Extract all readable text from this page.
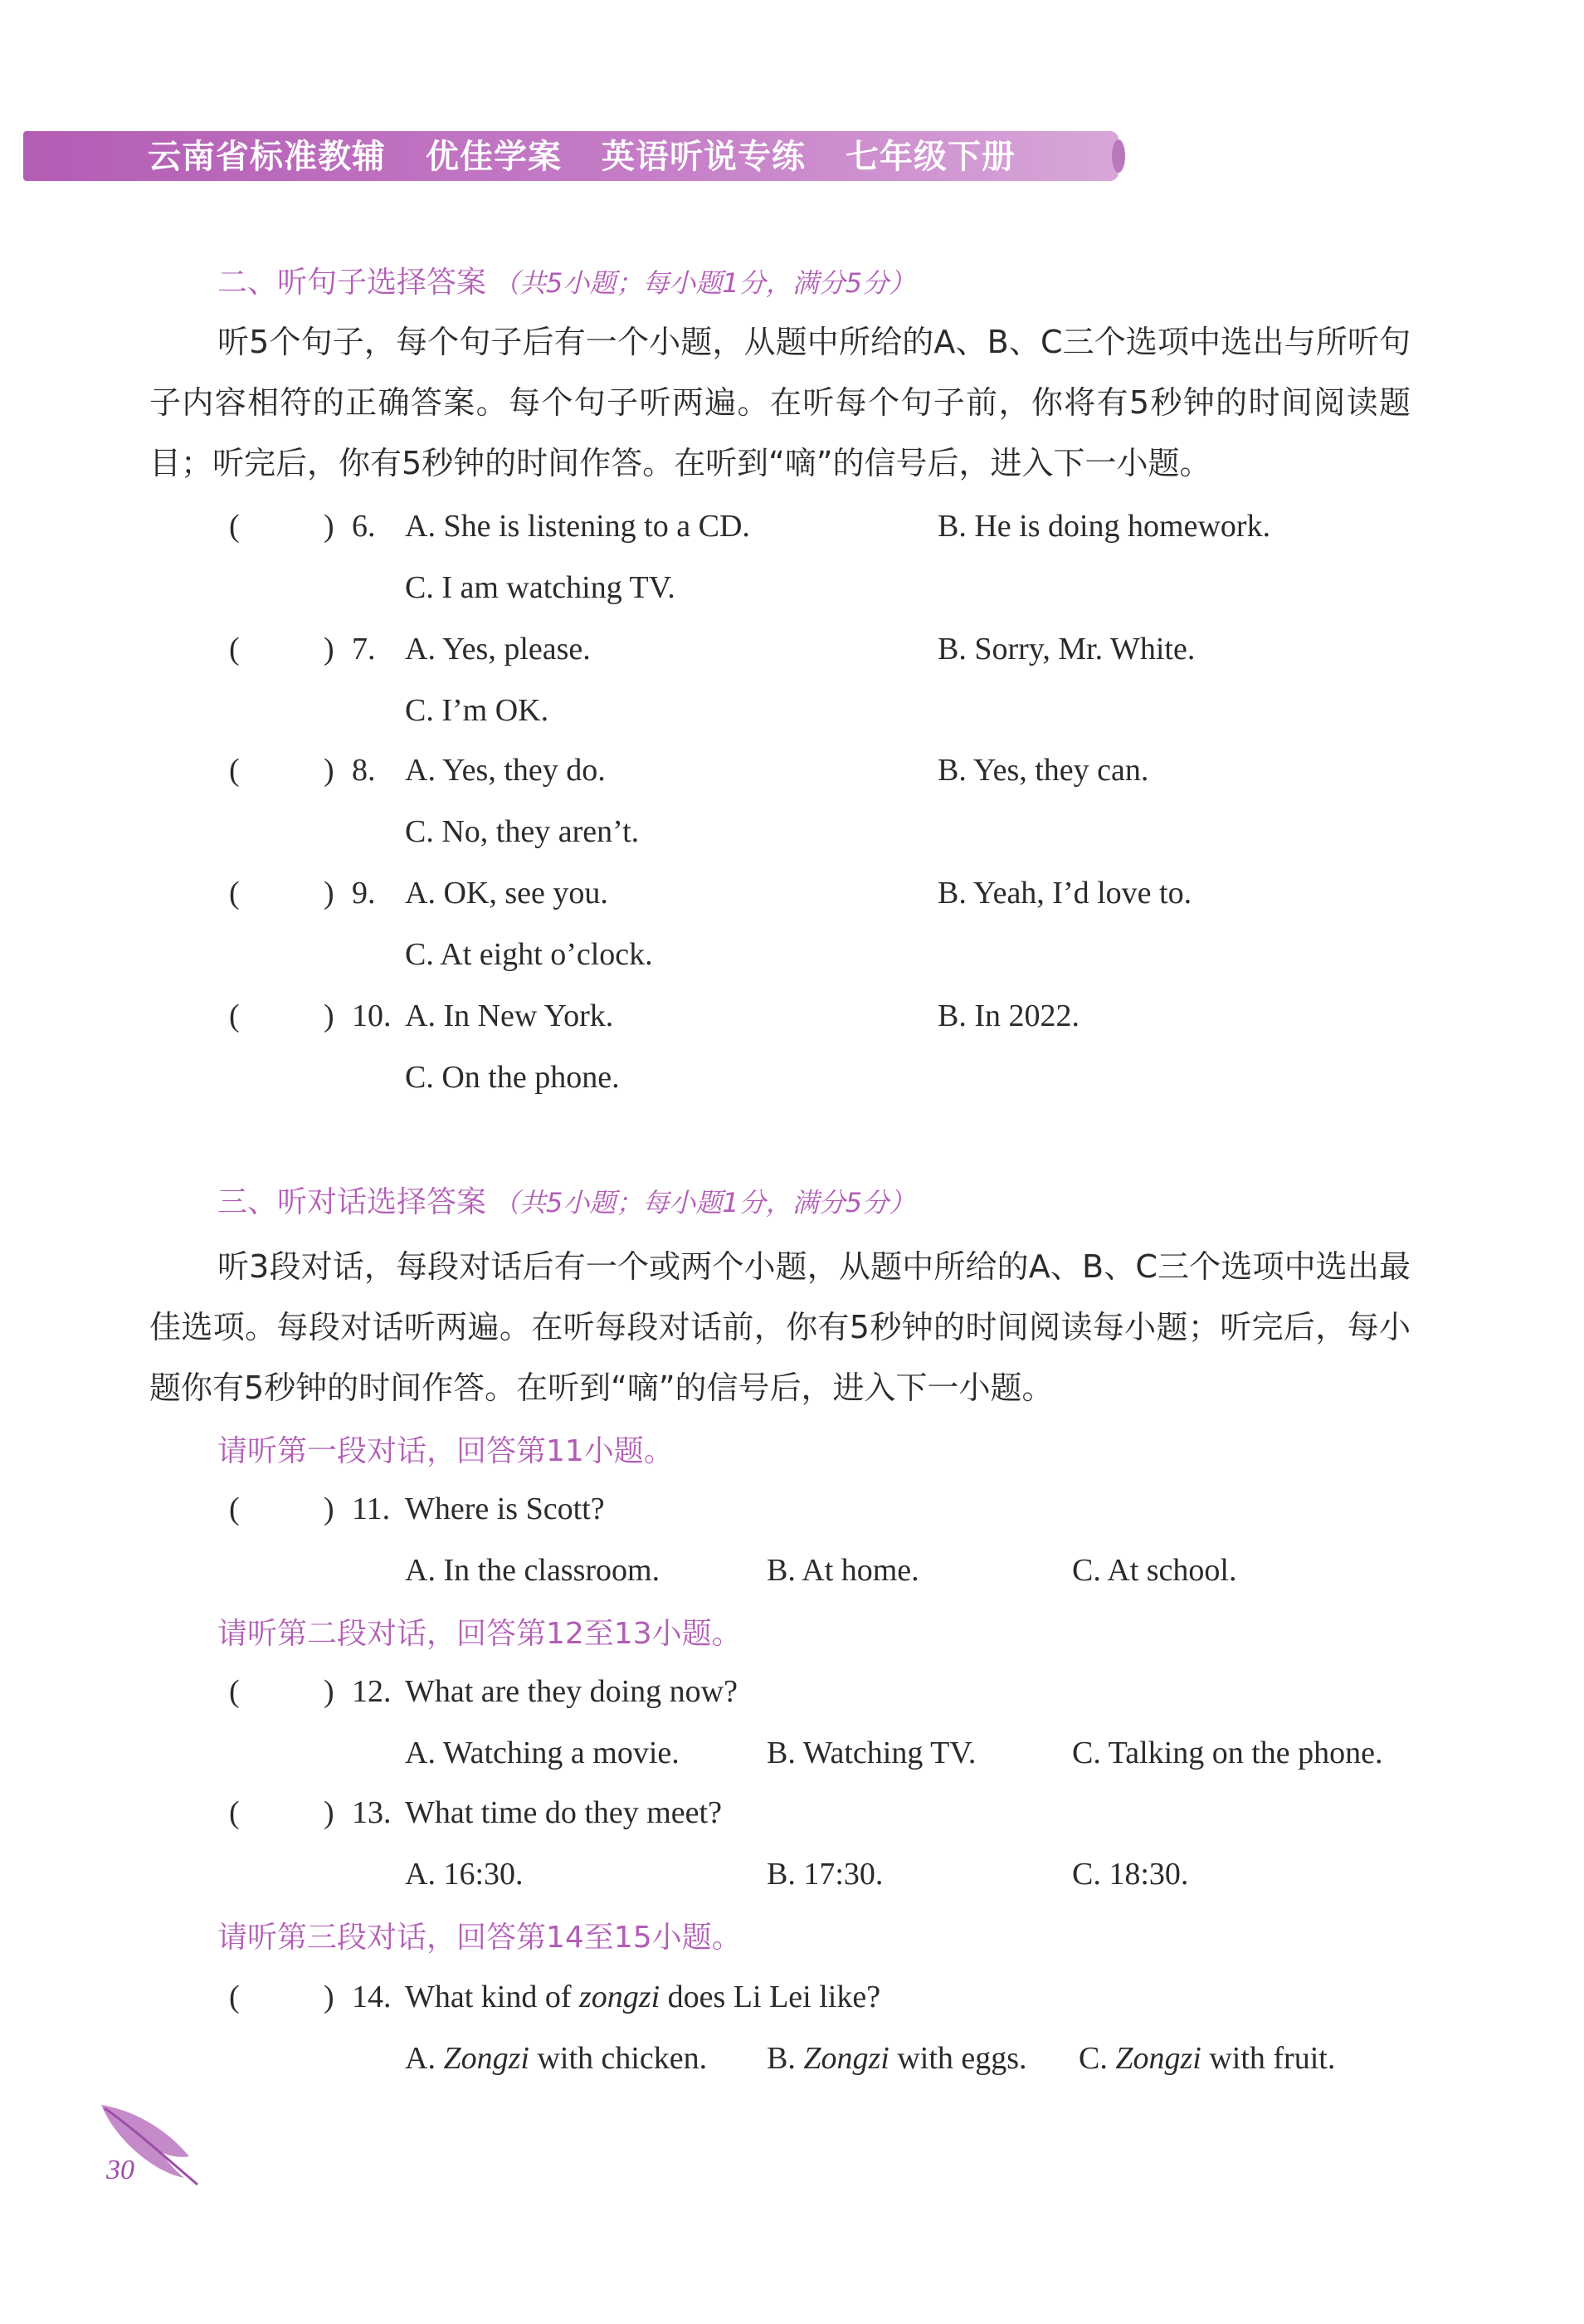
云南省标准教辅 优佳学案 英语听说专练 七年级下册
二、听句子选择答案 （共5小题；每小题1分，满分5分）
听5个句子，每个句子后有一个小题，从题中所给的A、B、C三个选项中选出与所听句子内容相符的正确答案。每个句子听两遍。在听每个句子前，你将有5秒钟的时间阅读题目；听完后，你有5秒钟的时间作答。在听到“嘀”的信号后，进入下一小题。
(	) 6. A. She is listening to a CD.	B. He is doing homework.
C. I am watching TV.
(	) 7. A. Yes, please.	B. Sorry, Mr. White.
C. I’m OK.
(	) 8. A. Yes, they do.	B. Yes, they can.
C. No, they aren’t.
(	) 9. A. OK, see you.	B. Yeah, I’d love to.
C. At eight o’clock.
(	) 10. A. In New York.	B. In 2022.
C. On the phone.
三、听对话选择答案 （共5小题；每小题1分，满分5分）
听3段对话，每段对话后有一个或两个小题，从题中所给的A、B、C三个选项中选出最佳选项。每段对话听两遍。在听每段对话前，你有5秒钟的时间阅读每小题；听完后，每小题你有5秒钟的时间作答。在听到“嘀”的信号后，进入下一小题。
请听第一段对话，回答第11小题。
(	) 11. Where is Scott?
A. In the classroom.	B. At home.	C. At school.
请听第二段对话，回答第12至13小题。
(	) 12. What are they doing now?
A. Watching a movie.	B. Watching TV.	C. Talking on the phone.
(	) 13. What time do they meet?
A. 16:30.	B. 17:30.	C. 18:30.
请听第三段对话，回答第14至15小题。
(	) 14. What kind of zongzi does Li Lei like?
A. Zongzi with chicken. B. Zongzi with eggs. C. Zongzi with fruit.
30
